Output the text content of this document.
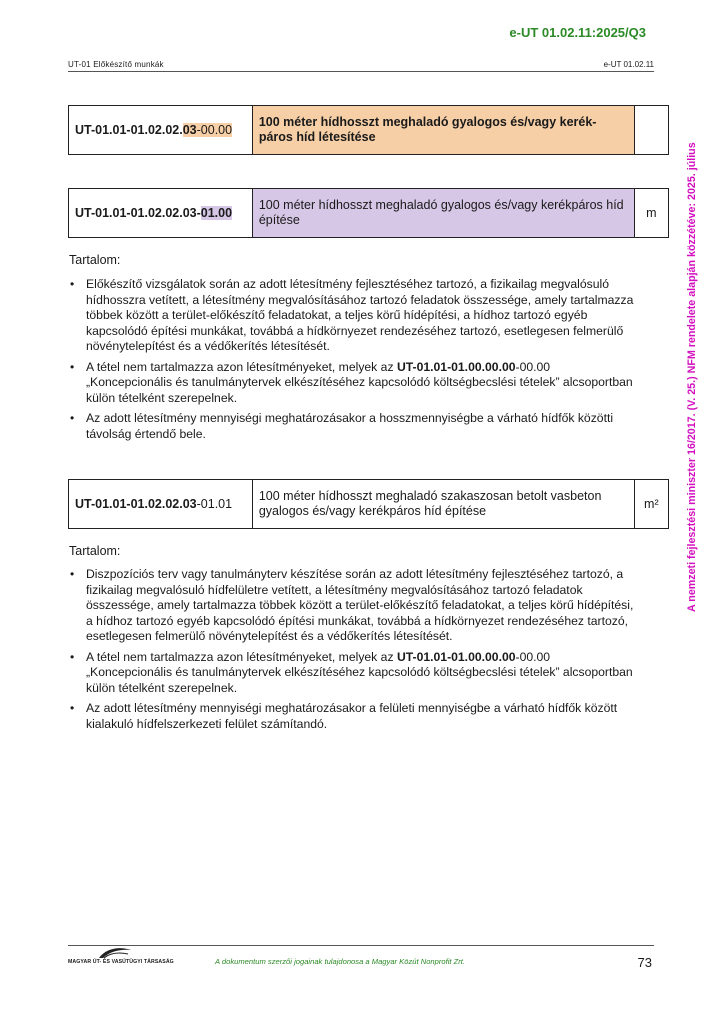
e-UT 01.02.11:2025/Q3
UT-01 Előkészítő munkák	e-UT 01.02.11
A nemzeti fejlesztési miniszter 16/2017. (V. 25.) NFM rendelete alapján közzétéve: 2025. július
UT-01.01-01.02.02.03-00.00	100 méter hídhosszt meghaladó gyalogos és/vagy kerék-páros híd létesítése	
UT-01.01-01.02.02.03-01.00	100 méter hídhosszt meghaladó gyalogos és/vagy kerékpáros híd építése	m
Tartalom:
• Előkészítő vizsgálatok során az adott létesítmény fejlesztéséhez tartozó, a fizikailag megvalósuló hídhosszra vetített, a létesítmény megvalósításához tartozó feladatok összessége, amely tartalmazza többek között a terület-előkészítő feladatokat, a teljes körű hídépítési, a hídhoz tartozó egyéb kapcsolódó építési munkákat, továbbá a hídkörnyezet rendezéséhez tartozó, esetlegesen felmerülő növénytelepítést és a védőkerítés létesítését.
• A tétel nem tartalmazza azon létesítményeket, melyek az UT-01.01-01.00.00.00-00.00 „Koncepcionális és tanulmánytervek elkészítéséhez kapcsolódó költségbecslési tételek” alcsoportban külön tételként szerepelnek.
• Az adott létesítmény mennyiségi meghatározásakor a hosszmennyiségbe a várható hídfők közötti távolság értendő bele.
UT-01.01-01.02.02.03-01.01	100 méter hídhosszt meghaladó szakaszosan betolt vasbeton gyalogos és/vagy kerékpáros híd építése	m²
Tartalom:
• Diszpozíciós terv vagy tanulmányterv készítése során az adott létesítmény fejlesztéséhez tartozó, a fizikailag megvalósuló hídfelületre vetített, a létesítmény megvalósításához tartozó feladatok összessége, amely tartalmazza többek között a terület-előkészítő feladatokat, a teljes körű hídépítési, a hídhoz tartozó egyéb kapcsolódó építési munkákat, továbbá a hídkörnyezet rendezéséhez tartozó, esetlegesen felmerülő növénytelepítést és a védőkerítés létesítését.
• A tétel nem tartalmazza azon létesítményeket, melyek az UT-01.01-01.00.00.00-00.00 „Koncepcionális és tanulmánytervek elkészítéséhez kapcsolódó költségbecslési tételek” alcsoportban külön tételként szerepelnek.
• Az adott létesítmény mennyiségi meghatározásakor a felületi mennyiségbe a várható hídfők között kialakuló hídfelszerkezeti felület számítandó.
MAGYAR ÚT- ÉS VASÚTÜGYI TÁRSASÁG	A dokumentum szerzői jogainak tulajdonosa a Magyar Közút Nonprofit Zrt.	73
